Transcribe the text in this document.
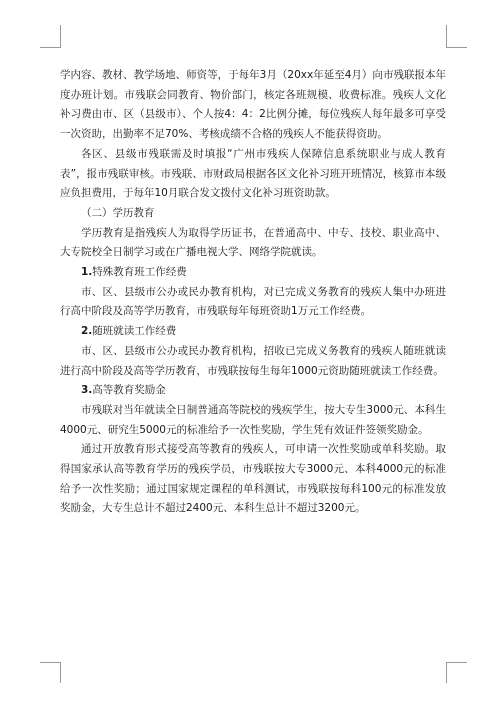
学内容、教材、教学场地、师资等，于每年3月（20xx年延至4月）向市残联报本年度办班计划。市残联会同教育、物价部门，核定各班规模、收费标准。残疾人文化补习费由市、区（县级市）、个人按4：4：2比例分摊，每位残疾人每年最多可享受一次资助，出勤率不足70%、考核成绩不合格的残疾人不能获得资助。

各区、县级市残联需及时填报“广州市残疾人保障信息系统职业与成人教育表”，报市残联审核。市残联、市财政局根据各区文化补习班开班情况，核算市本级应负担费用，于每年10月联合发文拨付文化补习班资助款。

（二）学历教育

学历教育是指残疾人为取得学历证书，在普通高中、中专、技校、职业高中、大专院校全日制学习或在广播电视大学、网络学院就读。

1.特殊教育班工作经费

市、区、县级市公办或民办教育机构，对已完成义务教育的残疾人集中办班进行高中阶段及高等学历教育，市残联每年每班资助1万元工作经费。

2.随班就读工作经费

市、区、县级市公办或民办教育机构，招收已完成义务教育的残疾人随班就读进行高中阶段及高等学历教育，市残联按每生每年1000元资助随班就读工作经费。

3.高等教育奖励金

市残联对当年就读全日制普通高等院校的残疾学生，按大专生3000元、本科生4000元、研究生5000元的标准给予一次性奖励，学生凭有效证件签领奖励金。

通过开放教育形式接受高等教育的残疾人，可申请一次性奖励或单科奖励。取得国家承认高等教育学历的残疾学员，市残联按大专3000元、本科4000元的标准给予一次性奖励；通过国家规定课程的单科测试，市残联按每科100元的标准发放奖励金，大专生总计不超过2400元、本科生总计不超过3200元。
